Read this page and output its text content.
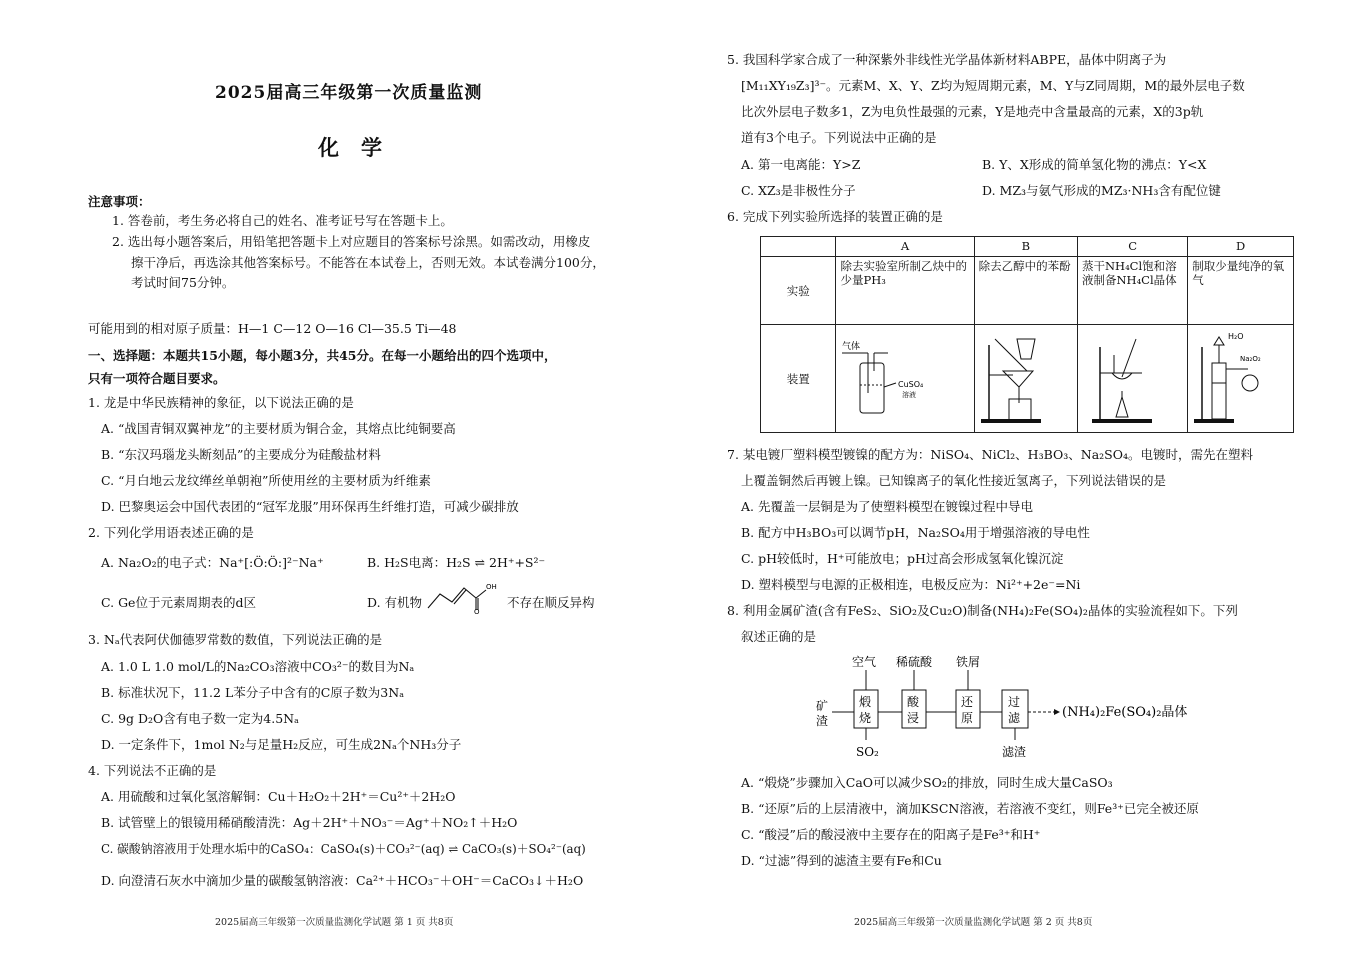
2025届高三年级第一次质量监测
化学
注意事项：
1. 答卷前，考生务必将自己的姓名、准考证号写在答题卡上。
2. 选出每小题答案后，用铅笔把答题卡上对应题目的答案标号涂黑。如需改动，用橡皮
擦干净后，再选涂其他答案标号。不能答在本试卷上，否则无效。本试卷满分100分，
考试时间75分钟。
可能用到的相对原子质量：H—1 C—12 O—16 Cl—35.5 Ti—48
一、选择题：本题共15小题，每小题3分，共45分。在每一小题给出的四个选项中，
只有一项符合题目要求。
1. 龙是中华民族精神的象征，以下说法正确的是
A. “战国青铜双翼神龙”的主要材质为铜合金，其熔点比纯铜要高
B. “东汉玛瑙龙头断刻品”的主要成分为硅酸盐材料
C. “月白地云龙纹缂丝单朝袍”所使用丝的主要材质为纤维素
D. 巴黎奥运会中国代表团的“冠军龙服”用环保再生纤维打造，可减少碳排放
2. 下列化学用语表述正确的是
A. Na₂O₂的电子式：Na⁺[:Ö:Ö:]²⁻Na⁺	B. H₂S电离：H₂S ⇌ 2H⁺+S²⁻
C. Ge位于元素周期表的d区	D. 有机物
OH
O
不存在顺反异构
3. Nₐ代表阿伏伽德罗常数的数值，下列说法正确的是
A. 1.0 L 1.0 mol/L的Na₂CO₃溶液中CO₃²⁻的数目为Nₐ
B. 标准状况下，11.2 L苯分子中含有的C原子数为3Nₐ
C. 9g D₂O含有电子数一定为4.5Nₐ
D. 一定条件下，1mol N₂与足量H₂反应，可生成2Nₐ个NH₃分子
4. 下列说法不正确的是
A. 用硫酸和过氧化氢溶解铜：Cu＋H₂O₂＋2H⁺＝Cu²⁺＋2H₂O
B. 试管壁上的银镜用稀硝酸清洗：Ag＋2H⁺＋NO₃⁻＝Ag⁺＋NO₂↑＋H₂O
C. 碳酸钠溶液用于处理水垢中的CaSO₄：CaSO₄(s)＋CO₃²⁻(aq) ⇌ CaCO₃(s)＋SO₄²⁻(aq)
D. 向澄清石灰水中滴加少量的碳酸氢钠溶液：Ca²⁺＋HCO₃⁻＋OH⁻＝CaCO₃↓＋H₂O
2025届高三年级第一次质量监测化学试题 第 1 页 共8页
5. 我国科学家合成了一种深紫外非线性光学晶体新材料ABPE，晶体中阴离子为
[M₁₁XY₁₉Z₃]³⁻。元素M、X、Y、Z均为短周期元素，M、Y与Z同周期，M的最外层电子数
比次外层电子数多1，Z为电负性最强的元素，Y是地壳中含量最高的元素，X的3p轨
道有3个电子。下列说法中正确的是
A. 第一电离能：Y>Z	B. Y、X形成的简单氢化物的沸点：Y<X
C. XZ₃是非极性分子	D. MZ₃与氨气形成的MZ₃·NH₃含有配位键
6. 完成下列实验所选择的装置正确的是
	A	B	C	D
实验	除去实验室所制乙炔中的少量PH₃	除去乙醇中的苯酚	蒸干NH₄Cl饱和溶液制备NH₄Cl晶体	制取少量纯净的氧气
装置	气体
CuSO₄
溶液			H₂O
Na₂O₂
7. 某电镀厂塑料模型镀镍的配方为：NiSO₄、NiCl₂、H₃BO₃、Na₂SO₄。电镀时，需先在塑料
上覆盖铜然后再镀上镍。已知镍离子的氧化性接近氢离子，下列说法错误的是
A. 先覆盖一层铜是为了使塑料模型在镀镍过程中导电
B. 配方中H₃BO₃可以调节pH，Na₂SO₄用于增强溶液的导电性
C. pH较低时，H⁺可能放电；pH过高会形成氢氧化镍沉淀
D. 塑料模型与电源的正极相连，电极反应为：Ni²⁺+2e⁻=Ni
8. 利用金属矿渣(含有FeS₂、SiO₂及Cu₂O)制备(NH₄)₂Fe(SO₄)₂晶体的实验流程如下。下列
叙述正确的是
空气 稀硫酸 铁屑
矿
渣
煅
烧
酸
浸
还
原
过
滤	(NH₄)₂Fe(SO₄)₂晶体
SO₂	滤渣
A. “煅烧”步骤加入CaO可以减少SO₂的排放，同时生成大量CaSO₃
B. “还原”后的上层清液中，滴加KSCN溶液，若溶液不变红，则Fe³⁺已完全被还原
C. “酸浸”后的酸浸液中主要存在的阳离子是Fe³⁺和H⁺
D. “过滤”得到的滤渣主要有Fe和Cu
2025届高三年级第一次质量监测化学试题 第 2 页 共8页
